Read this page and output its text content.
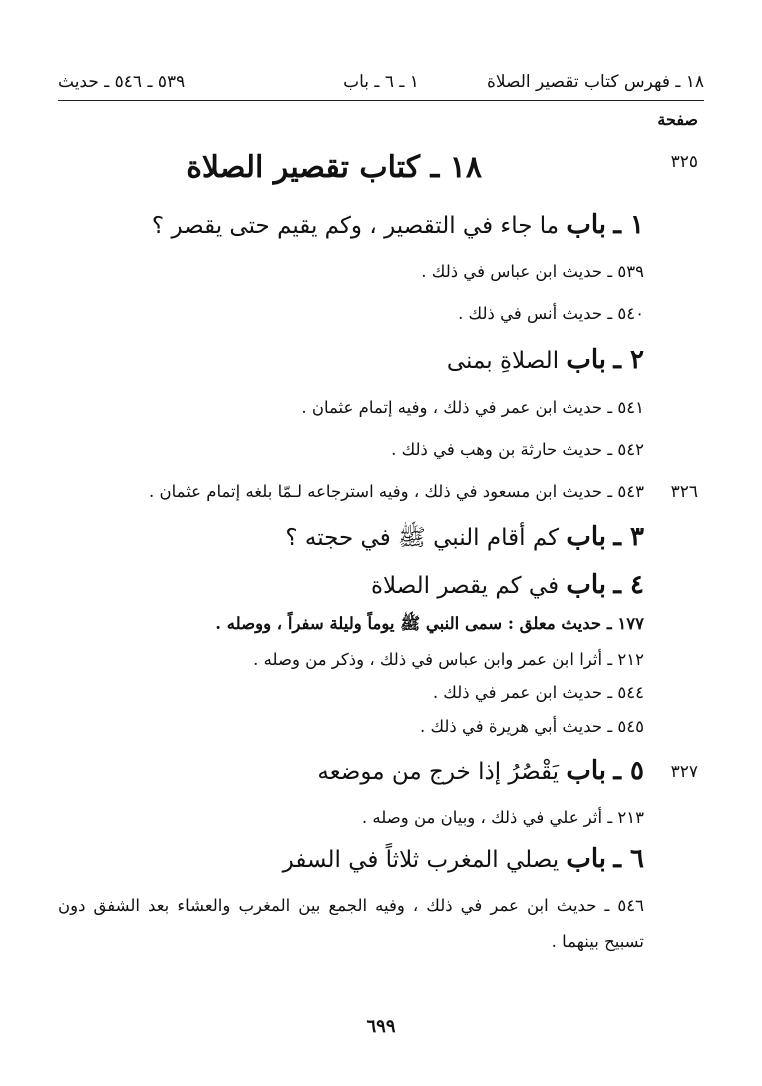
١٨ ـ فهرس كتاب تقصير الصلاة
١ ـ ٦ ـ باب
٥٣٩ ـ ٥٤٦ ـ حديث
صفحة
٣٢٥
١٨ ـ كتاب تقصير الصلاة
١ ـ باب ما جاء في التقصير ، وكم يقيم حتى يقصر ؟
٥٣٩ ـ حديث ابن عباس في ذلك .
٥٤٠ ـ حديث أنس في ذلك .
٢ ـ باب الصلاةِ بمنى
٥٤١ ـ حديث ابن عمر في ذلك ، وفيه إتمام عثمان .
٥٤٢ ـ حديث حارثة بن وهب في ذلك .
٣٢٦
٥٤٣ ـ حديث ابن مسعود في ذلك ، وفيه استرجاعه لـمّا بلغه إتمام عثمان .
٣ ـ باب كم أقام النبي ﷺ في حجته ؟
٤ ـ باب في كم يقصر الصلاة
١٧٧ ـ حديث معلق : سمى النبي ﷺ يوماً وليلة سفراً ، ووصله .
٢١٢ ـ أثرا ابن عمر وابن عباس في ذلك ، وذكر من وصله .
٥٤٤ ـ حديث ابن عمر في ذلك .
٥٤٥ ـ حديث أبي هريرة في ذلك .
٣٢٧
٥ ـ باب يَقْصُرُ إذا خرج من موضعه
٢١٣ ـ أثر علي في ذلك ، وبيان من وصله .
٦ ـ باب يصلي المغرب ثلاثاً في السفر
٥٤٦ ـ حديث ابن عمر في ذلك ، وفيه الجمع بين المغرب والعشاء بعد الشفق دون تسبيح بينهما .
٦٩٩
